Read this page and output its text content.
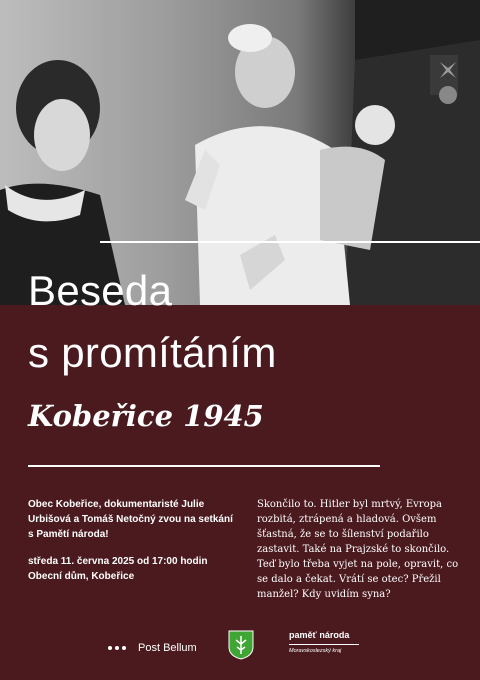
Beseda
s promítáním
Kobeřice 1945

Obec Kobeřice, dokumentaristé Julie Urbišová a Tomáš Netočný zvou na setkání s Pamětí národa!

středa 11. června 2025 od 17:00 hodin

Obecní dům, Kobeřice

Skončilo to. Hitler byl mrtvý, Evropa rozbitá, ztrápená a hladová. Ovšem šťastná, že se to šílenství podařilo zastavit. Také na Prajzské to skončilo. Teď bylo třeba vyjet na pole, opravit, co se dalo a čekat. Vrátí se otec? Přežil manžel? Kdy uvidím syna?
Post Bellum
paměť národa
Moravskoslezský kraj
